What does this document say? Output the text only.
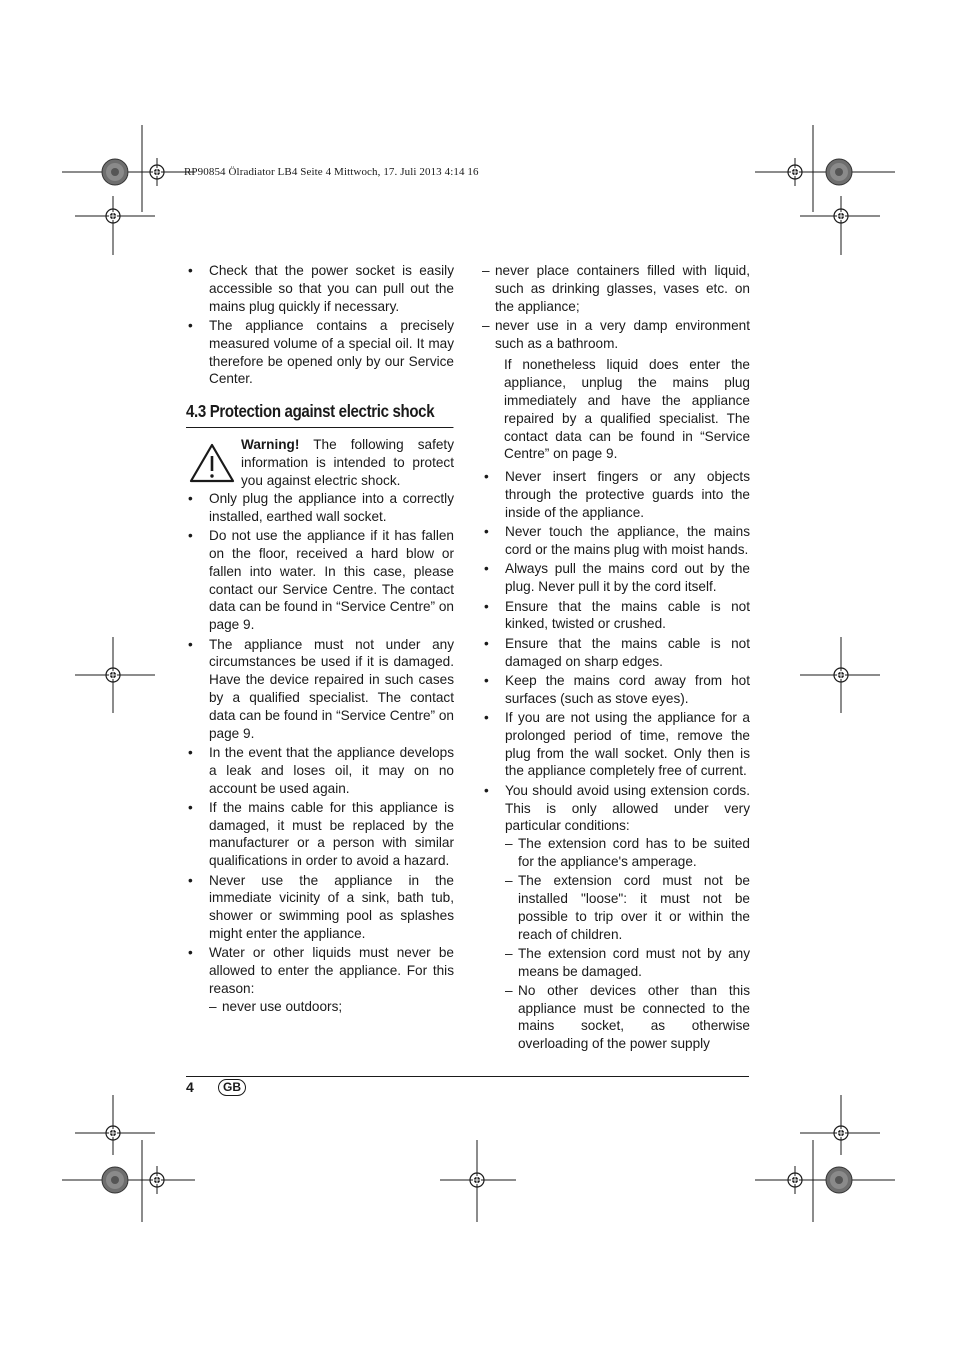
RP90854 Ölradiator LB4 Seite 4 Mittwoch, 17. Juli 2013 4:14 16
• Check that the power socket is easily accessible so that you can pull out the mains plug quickly if necessary.
• The appliance contains a precisely measured volume of a special oil. It may therefore be opened only by our Service Center.
4.3 Protection against electric shock
Warning! The following safety information is intended to protect you against electric shock.
• Only plug the appliance into a correctly installed, earthed wall socket.
• Do not use the appliance if it has fallen on the floor, received a hard blow or fallen into water. In this case, please contact our Service Centre. The contact data can be found in “Service Centre” on page 9.
• The appliance must not under any circumstances be used if it is damaged. Have the device repaired in such cases by a qualified specialist. The contact data can be found in “Service Centre” on page 9.
• In the event that the appliance develops a leak and loses oil, it may on no account be used again.
• If the mains cable for this appliance is damaged, it must be replaced by the manufacturer or a person with similar qualifications in order to avoid a hazard.
• Never use the appliance in the immediate vicinity of a sink, bath tub, shower or swimming pool as splashes might enter the appliance.
• Water or other liquids must never be allowed to enter the appliance. For this reason:
– never use outdoors;
– never place containers filled with liquid, such as drinking glasses, vases etc. on the appliance;
– never use in a very damp environment such as a bathroom.

If nonetheless liquid does enter the appliance, unplug the mains plug immediately and have the appliance repaired by a qualified specialist. The contact data can be found in “Service Centre” on page 9.

• Never insert fingers or any objects through the protective guards into the inside of the appliance.
• Never touch the appliance, the mains cord or the mains plug with moist hands.
• Always pull the mains cord out by the plug. Never pull it by the cord itself.
• Ensure that the mains cable is not kinked, twisted or crushed.
• Ensure that the mains cable is not damaged on sharp edges.
• Keep the mains cord away from hot surfaces (such as stove eyes).
• If you are not using the appliance for a prolonged period of time, remove the plug from the wall socket. Only then is the appliance completely free of current.
• You should avoid using extension cords. This is only allowed under very particular conditions:
– The extension cord has to be suited for the appliance's amperage.
– The extension cord must not be installed "loose": it must not be possible to trip over it or within the reach of children.
– The extension cord must not by any means be damaged.
– No other devices other than this appliance must be connected to the mains socket, as otherwise overloading of the power supply
4	GB
